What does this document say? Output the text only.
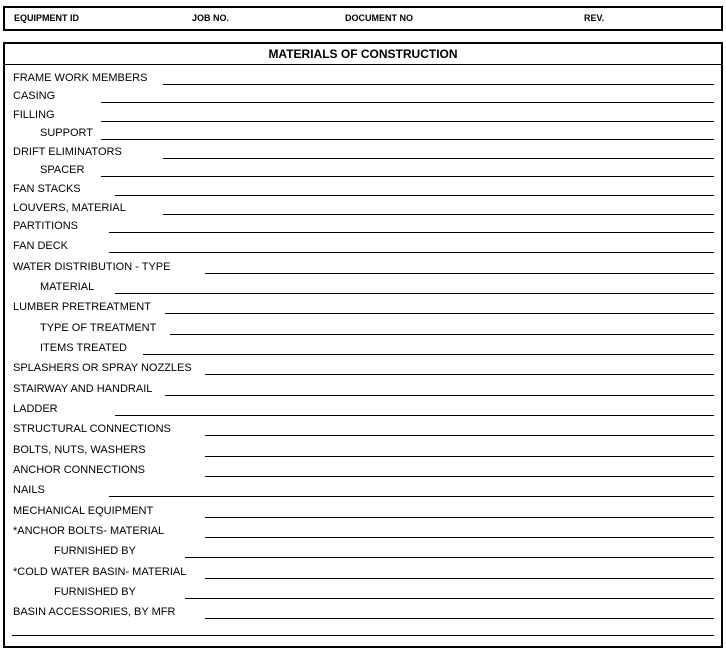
EQUIPMENT ID	JOB NO.	DOCUMENT NO	REV.
MATERIALS OF CONSTRUCTION
FRAME WORK MEMBERS
CASING
FILLING
SUPPORT
DRIFT ELIMINATORS
SPACER
FAN STACKS
LOUVERS, MATERIAL
PARTITIONS
FAN DECK
WATER DISTRIBUTION - TYPE
MATERIAL
LUMBER PRETREATMENT
TYPE OF TREATMENT
ITEMS TREATED
SPLASHERS OR SPRAY NOZZLES
STAIRWAY AND HANDRAIL
LADDER
STRUCTURAL CONNECTIONS
BOLTS, NUTS, WASHERS
ANCHOR CONNECTIONS
NAILS
MECHANICAL EQUIPMENT
*ANCHOR BOLTS- MATERIAL
FURNISHED BY
*COLD WATER BASIN- MATERIAL
FURNISHED BY
BASIN ACCESSORIES, BY MFR
